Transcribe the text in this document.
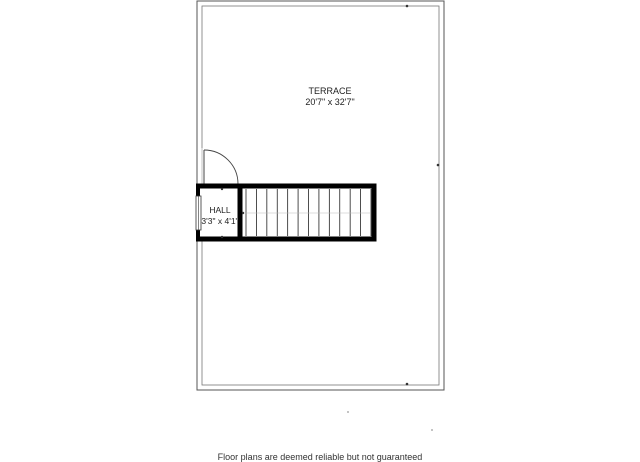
TERRACE
20'7" x 32'7"
HALL
3'3" x 4'1"
Floor plans are deemed reliable but not guaranteed
